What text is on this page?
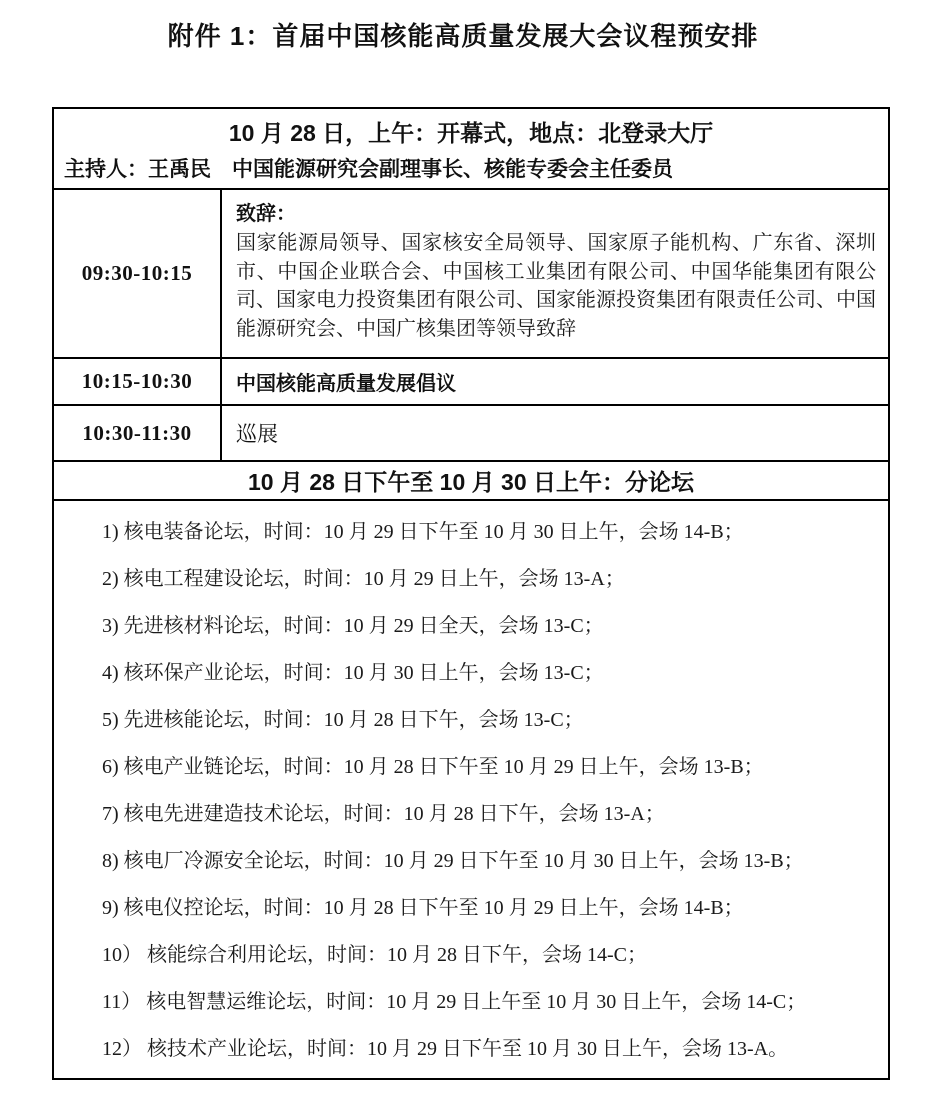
附件 1：首届中国核能高质量发展大会议程预安排
10 月 28 日，上午：开幕式，地点：北登录大厅
主持人：王禹民　中国能源研究会副理事长、核能专委会主任委员
09:30-10:15
致辞：
国家能源局领导、国家核安全局领导、国家原子能机构、广东省、深圳市、中国企业联合会、中国核工业集团有限公司、中国华能集团有限公司、国家电力投资集团有限公司、国家能源投资集团有限责任公司、中国能源研究会、中国广核集团等领导致辞
10:15-10:30	中国核能高质量发展倡议
10:30-11:30	巡展
10 月 28 日下午至 10 月 30 日上午：分论坛
1) 核电装备论坛，时间：10 月 29 日下午至 10 月 30 日上午，会场 14-B；
2) 核电工程建设论坛，时间：10 月 29 日上午，会场 13-A；
3) 先进核材料论坛，时间：10 月 29 日全天，会场 13-C；
4) 核环保产业论坛，时间：10 月 30 日上午，会场 13-C；
5) 先进核能论坛，时间：10 月 28 日下午，会场 13-C；
6) 核电产业链论坛，时间：10 月 28 日下午至 10 月 29 日上午，会场 13-B；
7) 核电先进建造技术论坛，时间：10 月 28 日下午，会场 13-A；
8) 核电厂冷源安全论坛，时间：10 月 29 日下午至 10 月 30 日上午，会场 13-B；
9) 核电仪控论坛，时间：10 月 28 日下午至 10 月 29 日上午，会场 14-B；
10） 核能综合利用论坛，时间：10 月 28 日下午，会场 14-C；
11） 核电智慧运维论坛，时间：10 月 29 日上午至 10 月 30 日上午，会场 14-C；
12） 核技术产业论坛，时间：10 月 29 日下午至 10 月 30 日上午，会场 13-A。
